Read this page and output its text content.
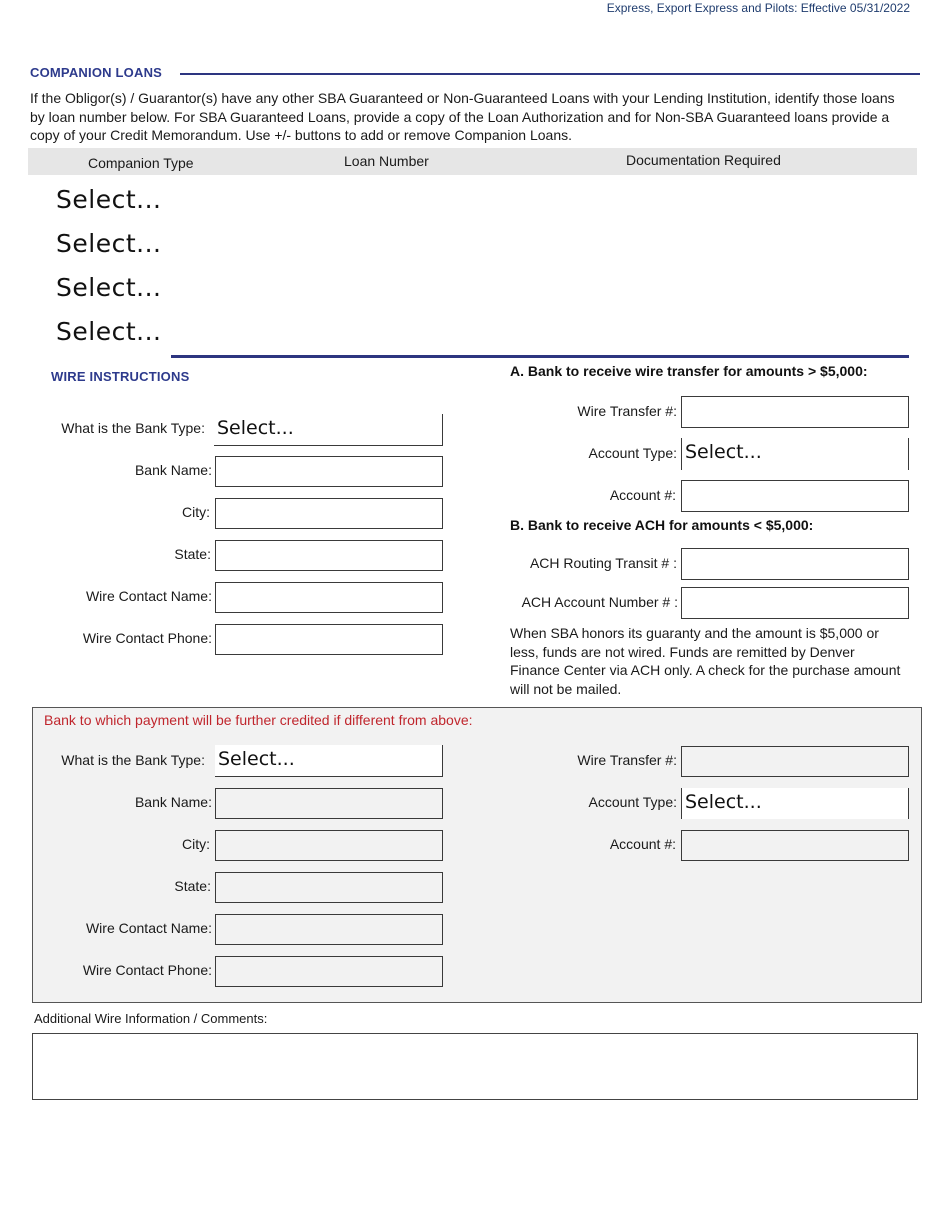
Express, Export Express and Pilots: Effective 05/31/2022
COMPANION LOANS
If the Obligor(s) / Guarantor(s) have any other SBA Guaranteed or Non-Guaranteed Loans with your Lending Institution, identify those loans by loan number below. For SBA Guaranteed Loans, provide a copy of the Loan Authorization and for Non-SBA Guaranteed loans provide a copy of your Credit Memorandum. Use +/- buttons to add or remove Companion Loans.
Companion Type	Loan Number	Documentation Required
Select...
Select...
Select...
Select...
WIRE INSTRUCTIONS
What is the Bank Type: Select...
Bank Name:
City:
State:
Wire Contact Name:
Wire Contact Phone:
A. Bank to receive wire transfer for amounts > $5,000:
Wire Transfer #:
Account Type: Select...
Account #:
B. Bank to receive ACH for amounts < $5,000:
ACH Routing Transit # :
ACH Account Number # :
When SBA honors its guaranty and the amount is $5,000 or less, funds are not wired. Funds are remitted by Denver Finance Center via ACH only. A check for the purchase amount will not be mailed.
Bank to which payment will be further credited if different from above:
What is the Bank Type: Select...
Bank Name:
City:
State:
Wire Contact Name:
Wire Contact Phone:
Wire Transfer #:
Account Type: Select...
Account #:
Additional Wire Information / Comments:
